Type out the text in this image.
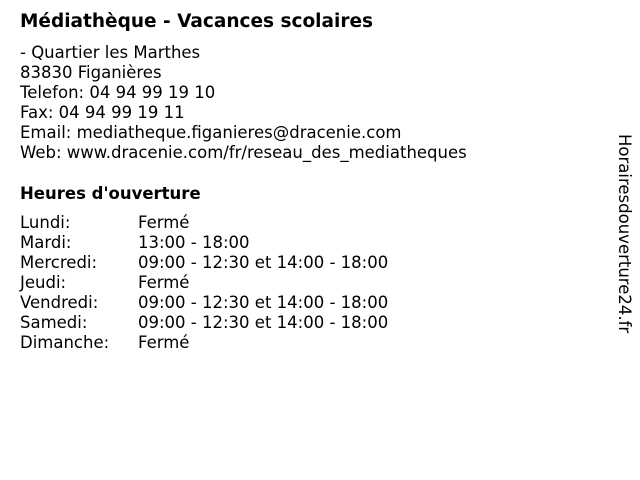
Médiathèque - Vacances scolaires
- Quartier les Marthes
83830 Figanières
Telefon: 04 94 99 19 10
Fax: 04 94 99 19 11
Email: mediatheque.figanieres@dracenie.com
Web: www.dracenie.com/fr/reseau_des_mediatheques
Heures d'ouverture
Lundi:	Fermé
Mardi:	13:00 - 18:00
Mercredi: 09:00 - 12:30 et 14:00 - 18:00
Jeudi:	Fermé
Vendredi: 09:00 - 12:30 et 14:00 - 18:00
Samedi:	09:00 - 12:30 et 14:00 - 18:00
Dimanche: Fermé
Horairesdouverture24.fr
